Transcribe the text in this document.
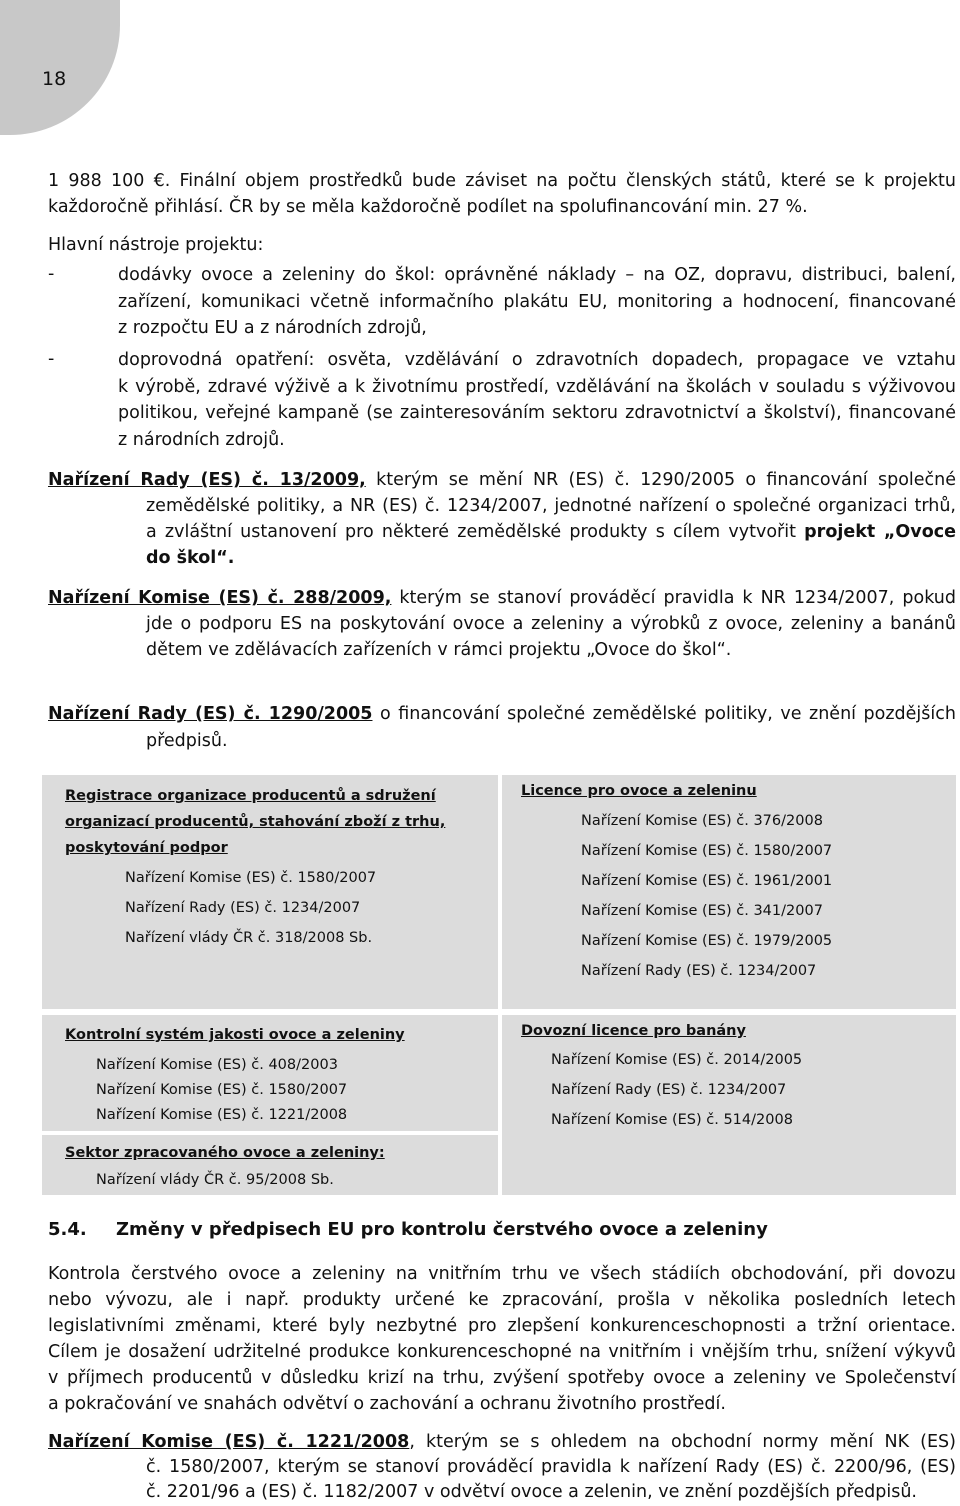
18
1 988 100 €. Finální objem prostředků bude záviset na počtu členských států, které se k projektu
každoročně přihlásí. ČR by se měla každoročně podílet na spolufinancování min. 27 %.
Hlavní nástroje projektu:
-	dodávky ovoce a zeleniny do škol: oprávněné náklady – na OZ, dopravu, distribuci, balení,
zařízení, komunikaci včetně informačního plakátu EU, monitoring a hodnocení, financované
z rozpočtu EU a z národních zdrojů,
-	doprovodná opatření: osvěta, vzdělávání o zdravotních dopadech, propagace ve vztahu
k výrobě, zdravé výživě a k životnímu prostředí, vzdělávání na školách v souladu s výživovou
politikou, veřejné kampaně (se zainteresováním sektoru zdravotnictví a školství), financované
z národních zdrojů.
Nařízení Rady (ES) č. 13/2009, kterým se mění NR (ES) č. 1290/2005 o financování společné
zemědělské politiky, a NR (ES) č. 1234/2007, jednotné nařízení o společné organizaci trhů,
a zvláštní ustanovení pro některé zemědělské produkty s cílem vytvořit projekt „Ovoce
do škol“.
Nařízení Komise (ES) č. 288/2009, kterým se stanoví prováděcí pravidla k NR 1234/2007, pokud
jde o podporu ES na poskytování ovoce a zeleniny a výrobků z ovoce, zeleniny a banánů
dětem ve zdělávacích zařízeních v rámci projektu „Ovoce do škol“.
Nařízení Rady (ES) č. 1290/2005 o financování společné zemědělské politiky, ve znění pozdějších
předpisů.
Registrace organizace producentů a sdružení
organizací producentů, stahování zboží z trhu,
poskytování podpor
Nařízení Komise (ES) č. 1580/2007
Nařízení Rady (ES) č. 1234/2007
Nařízení vlády ČR č. 318/2008 Sb.
Licence pro ovoce a zeleninu
Nařízení Komise (ES) č. 376/2008
Nařízení Komise (ES) č. 1580/2007
Nařízení Komise (ES) č. 1961/2001
Nařízení Komise (ES) č. 341/2007
Nařízení Komise (ES) č. 1979/2005
Nařízení Rady (ES) č. 1234/2007
Kontrolní systém jakosti ovoce a zeleniny
Nařízení Komise (ES) č. 408/2003
Nařízení Komise (ES) č. 1580/2007
Nařízení Komise (ES) č. 1221/2008
Dovozní licence pro banány
Nařízení Komise (ES) č. 2014/2005
Nařízení Rady (ES) č. 1234/2007
Nařízení Komise (ES) č. 514/2008
Sektor zpracovaného ovoce a zeleniny:
Nařízení vlády ČR č. 95/2008 Sb.
5.4. Změny v předpisech EU pro kontrolu čerstvého ovoce a zeleniny
Kontrola čerstvého ovoce a zeleniny na vnitřním trhu ve všech stádiích obchodování, při dovozu
nebo vývozu, ale i např. produkty určené ke zpracování, prošla v několika posledních letech
legislativními změnami, které byly nezbytné pro zlepšení konkurenceschopnosti a tržní orientace.
Cílem je dosažení udržitelné produkce konkurenceschopné na vnitřním i vnějším trhu, snížení výkyvů
v příjmech producentů v důsledku krizí na trhu, zvýšení spotřeby ovoce a zeleniny ve Společenství
a pokračování ve snahách odvětví o zachování a ochranu životního prostředí.
Nařízení Komise (ES) č. 1221/2008, kterým se s ohledem na obchodní normy mění NK (ES)
č. 1580/2007, kterým se stanoví prováděcí pravidla k nařízení Rady (ES) č. 2200/96, (ES)
č. 2201/96 a (ES) č. 1182/2007 v odvětví ovoce a zelenin, ve znění pozdějších předpisů.
